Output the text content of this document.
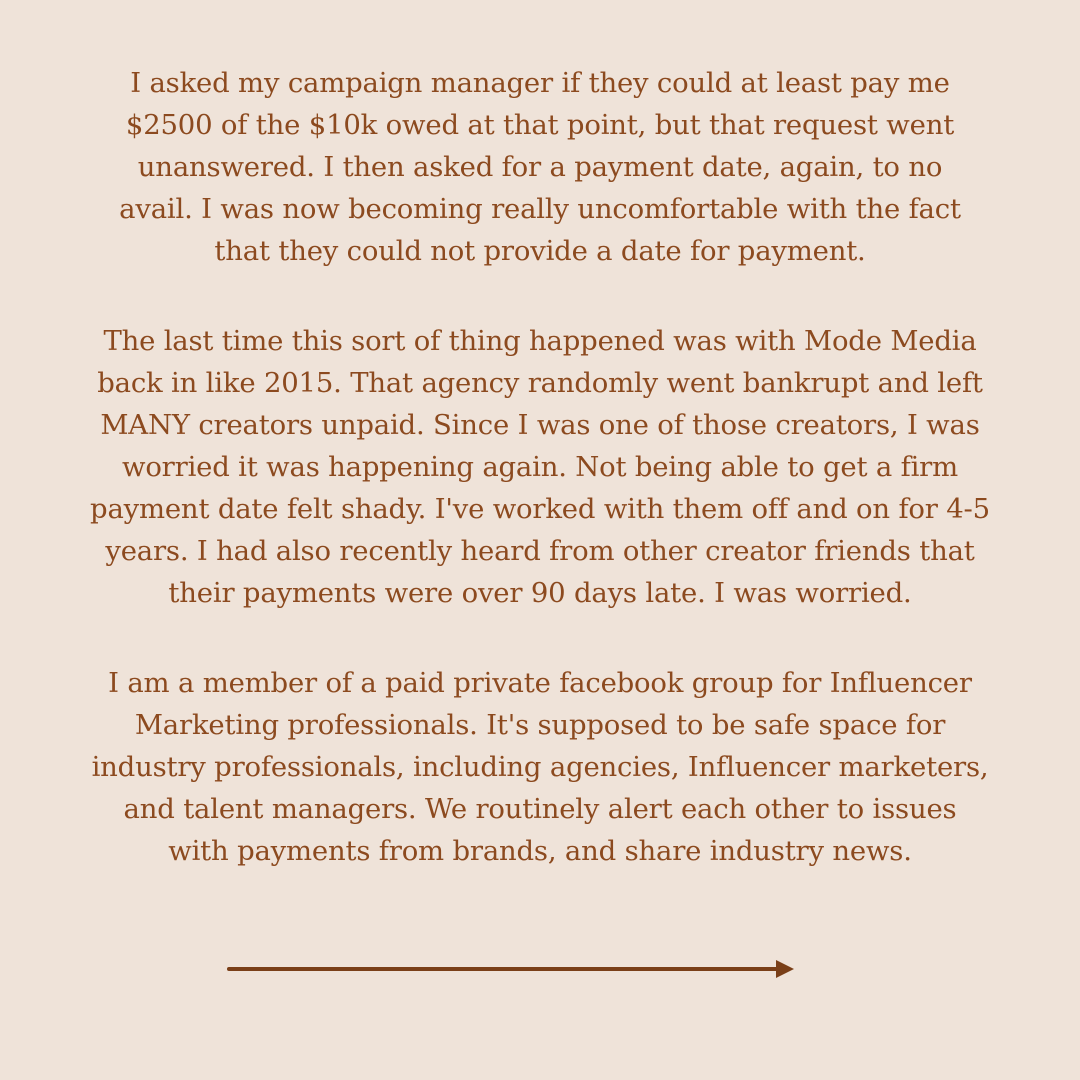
I asked my campaign manager if they could at least pay me
$2500 of the $10k owed at that point, but that request went
unanswered. I then asked for a payment date, again, to no
avail. I was now becoming really uncomfortable with the fact
that they could not provide a date for payment.

The last time this sort of thing happened was with Mode Media
back in like 2015. That agency randomly went bankrupt and left
MANY creators unpaid. Since I was one of those creators, I was
worried it was happening again. Not being able to get a firm
payment date felt shady. I've worked with them off and on for 4-5
years. I had also recently heard from other creator friends that
their payments were over 90 days late. I was worried.

I am a member of a paid private facebook group for Influencer
Marketing professionals. It's supposed to be safe space for
industry professionals, including agencies, Influencer marketers,
and talent managers. We routinely alert each other to issues
with payments from brands, and share industry news.
